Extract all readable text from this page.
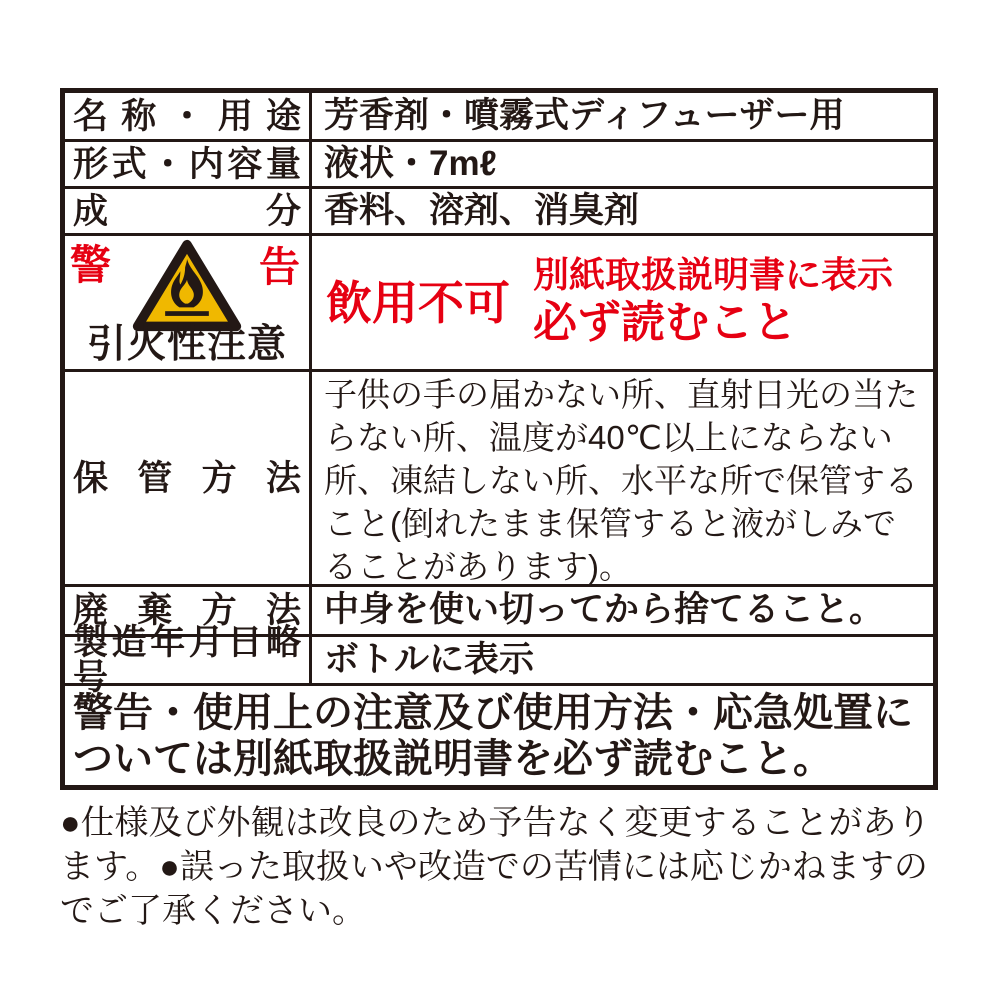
名称・用途 芳香剤・噴霧式ディフューザー用
形式・内容量 液状・7mℓ
成分 香料、溶剤、消臭剤
警	告
引火性注意
飲用不可
別紙取扱説明書に表示
必ず読むこと
保管方法
子供の手の届かない所、直射日光の当たらない所、温度が40℃以上にならない所、凍結しない所、水平な所で保管すること(倒れたまま保管すると液がしみでることがあります)。
廃棄方法 中身を使い切ってから捨てること。
製造年月日略号	ボトルに表示
警告・使用上の注意及び使用方法・応急処置については別紙取扱説明書を必ず読むこと。
●仕様及び外観は改良のため予告なく変更することがあります。●誤った取扱いや改造での苦情には応じかねますのでご了承ください。
